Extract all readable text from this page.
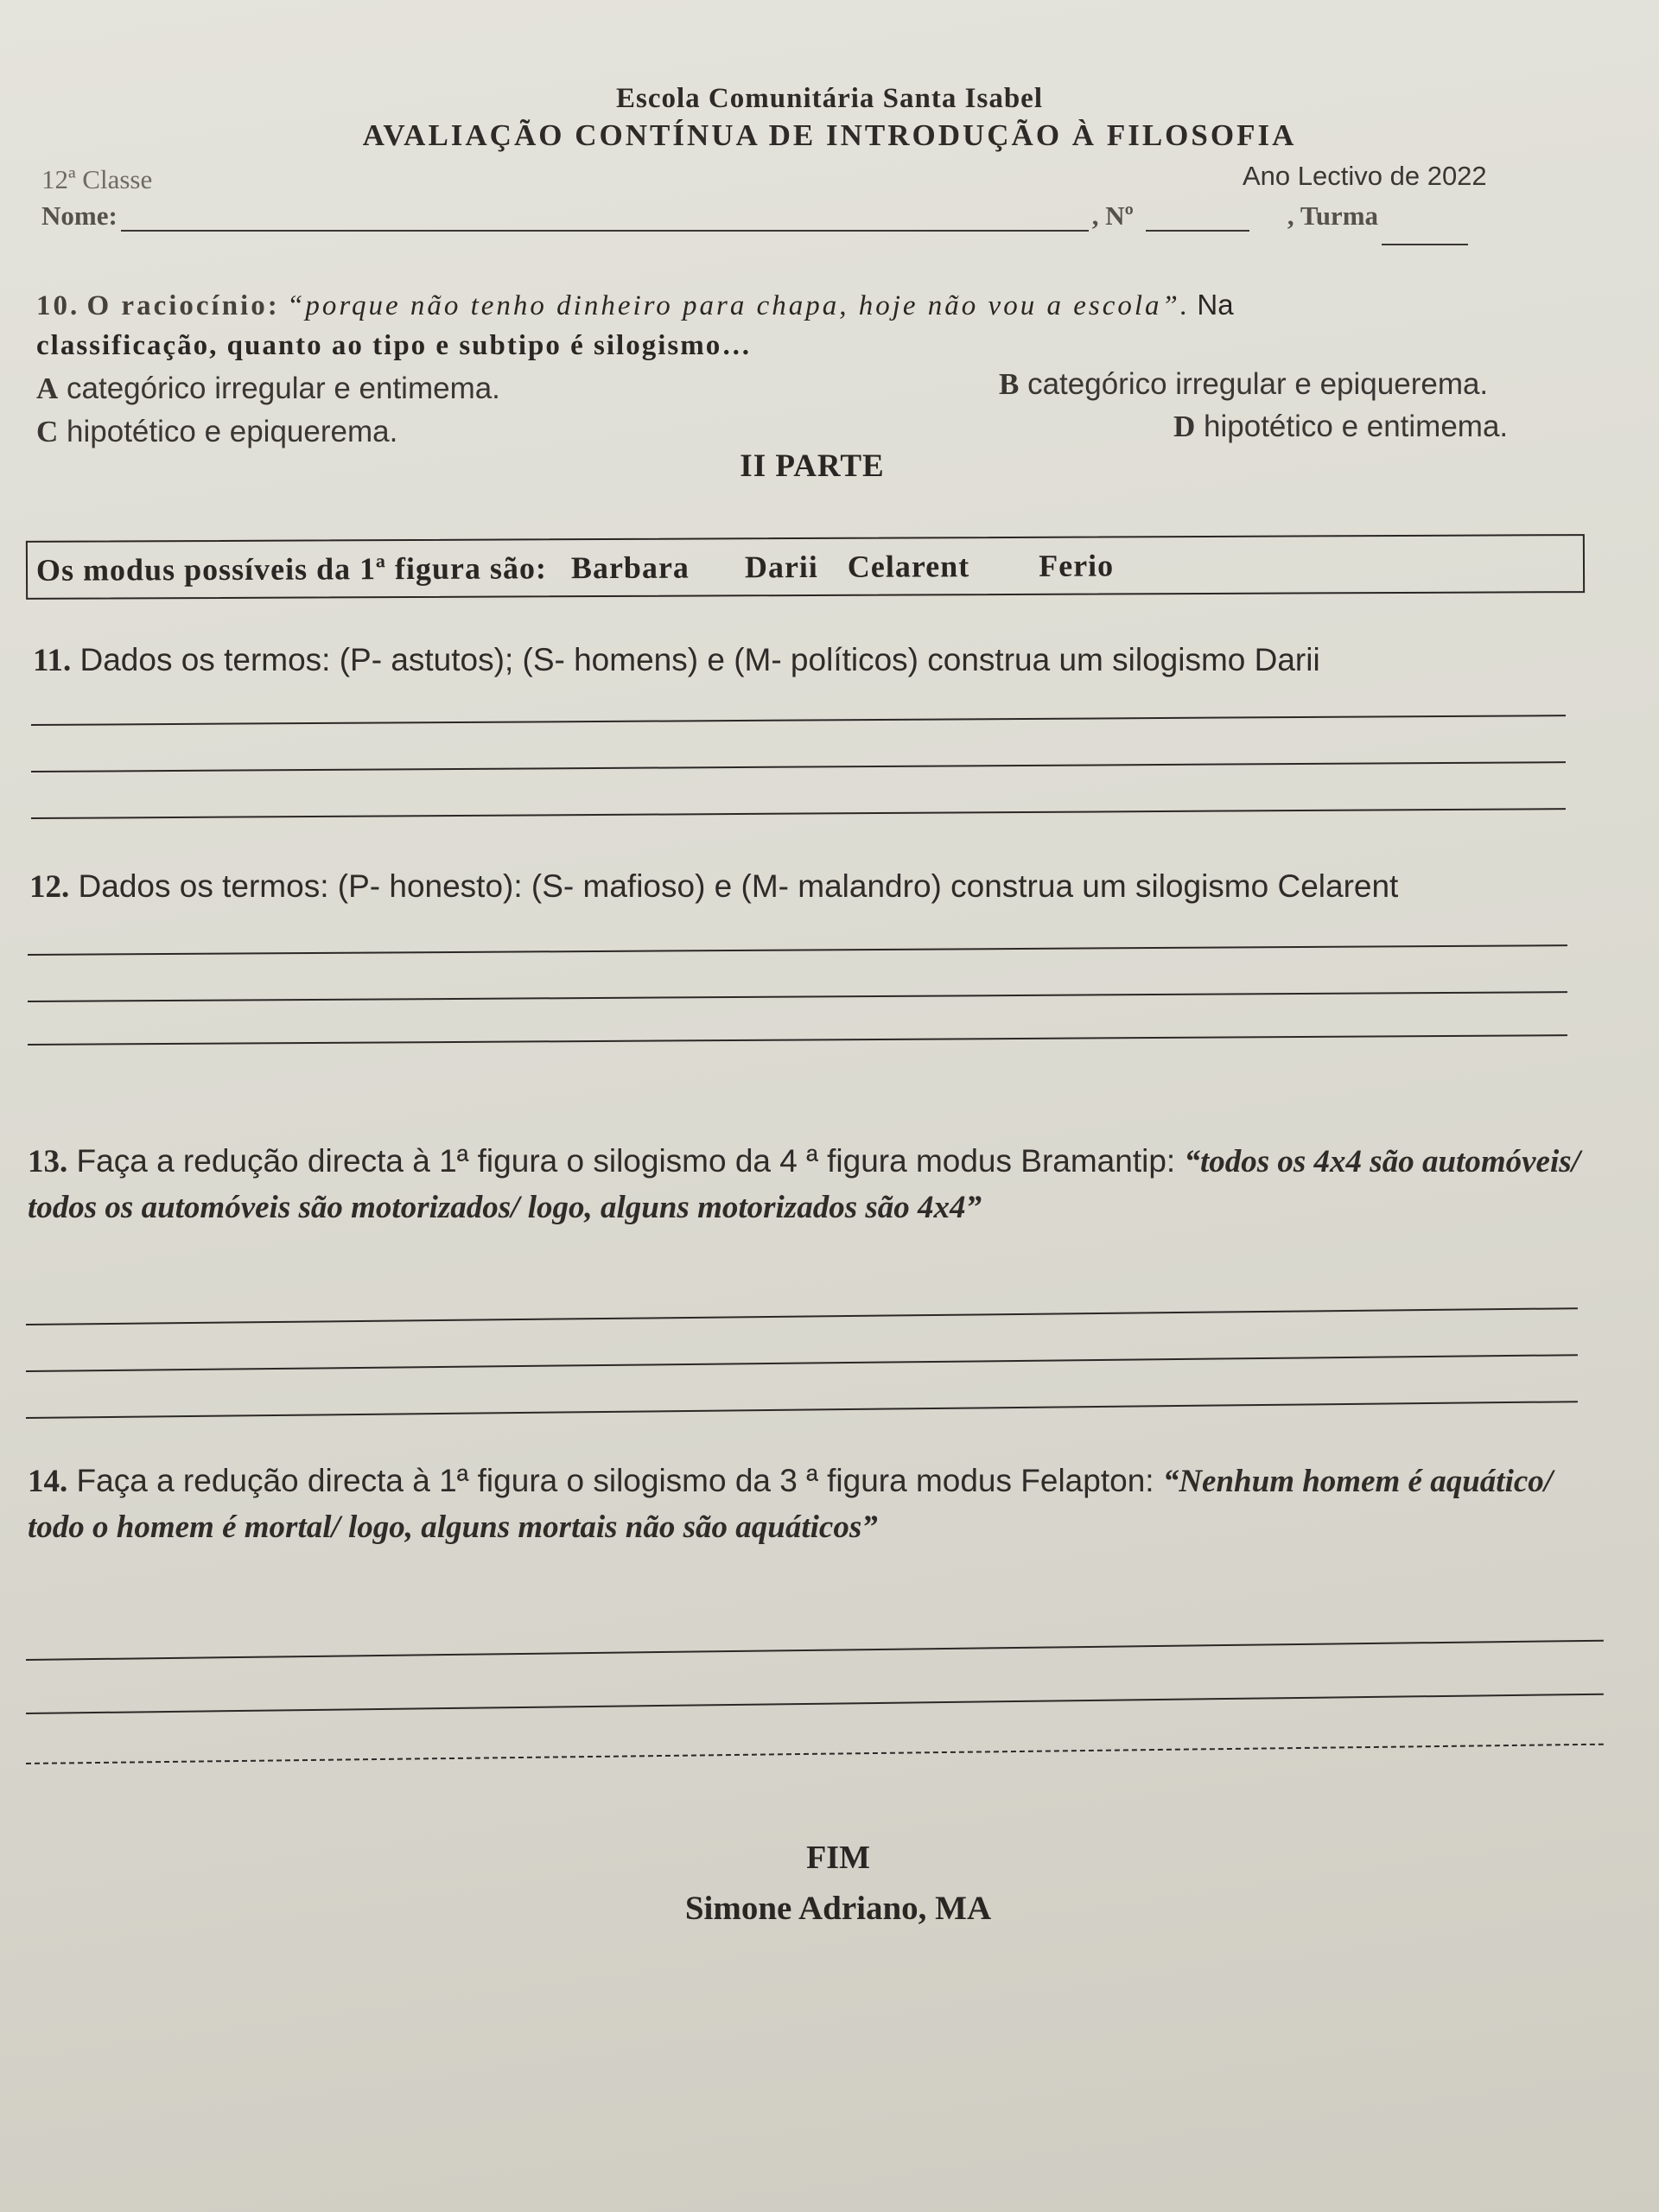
Escola Comunitária Santa Isabel
AVALIAÇÃO CONTÍNUA DE INTRODUÇÃO À FILOSOFIA
12ª Classe	Ano Lectivo de 2022
Nome:	, Nº	, Turma
10. O raciocínio: “porque não tenho dinheiro para chapa, hoje não vou a escola”. Na
classificação, quanto ao tipo e subtipo é silogismo…
A categórico irregular e entimema.	B categórico irregular e epiquerema.
C hipotético e epiquerema.	D hipotético e entimema.
II PARTE
Os modus possíveis da 1ª figura são: Barbara Darii Celarent Ferio
11. Dados os termos: (P- astutos); (S- homens) e (M- políticos) construa um silogismo Darii
12. Dados os termos: (P- honesto): (S- mafioso) e (M- malandro) construa um silogismo Celarent
13. Faça a redução directa à 1ª figura o silogismo da 4 ª figura modus Bramantip: “todos os 4x4 são automóveis/ todos os automóveis são motorizados/ logo, alguns motorizados são 4x4”
14. Faça a redução directa à 1ª figura o silogismo da 3 ª figura modus Felapton: “Nenhum homem é aquático/ todo o homem é mortal/ logo, alguns mortais não são aquáticos”
FIM
Simone Adriano, MA
